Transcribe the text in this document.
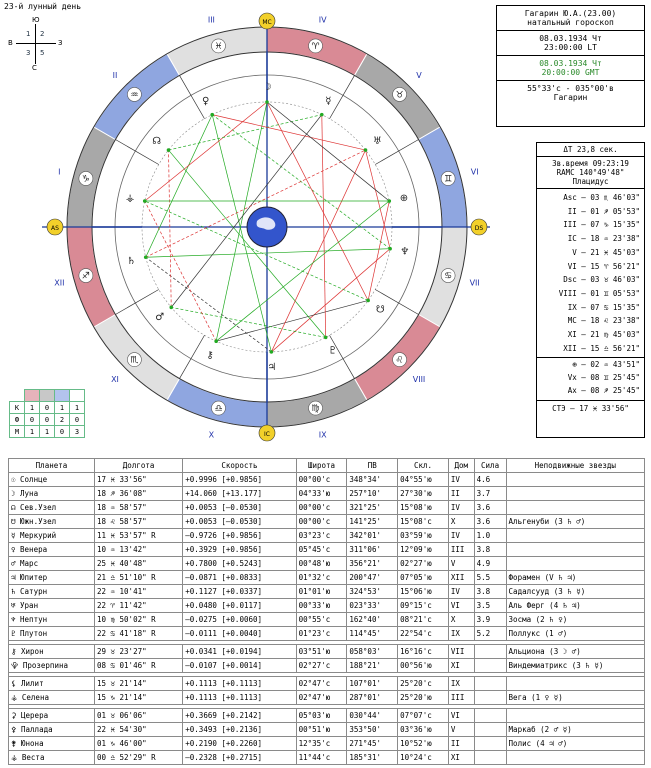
23-й лунный день
Ю
С
В	З
1 2
3 5
Гагарин Ю.А.(23.00)
натальный гороскоп
08.03.1934 Чт
23:00:00 LT
08.03.1934 Чт
20:00:00 GMT
55°33'с - 035°00'в
Гагарин
ΔT 23,8 сек.
Зв.время 09:23:19
RAMC 140°49'48"
Плацидус
Asc – 03 ♏ 46'03"
II – 01 ♐ 05'53"
III – 07 ♑ 15'35"
IC – 18 ♒ 23'38"
V – 21 ♓ 45'03"
VI – 15 ♈ 56'21"
Dsc – 03 ♉ 46'03"
VIII – 01 ♊ 05'53"
IX – 07 ♋ 15'35"
MC – 18 ♌ 23'38"
XI – 21 ♍ 45'03"
XII – 15 ♎ 56'21"
⊕ – 02 ♒ 43'51"
Vx – 08 ♊ 25'45"
Ax – 08 ♐ 25'45"
СТЭ – 17 ♓ 33'56"
♈
♉
♊
♋
♌
♍
♎
♏
♐
♑
♒
♓
I
II
III	IV
V
VI
VII
VIII
IX
X
XI
XII
AS	DS
MC
IC
♆
☋
♇
♃
⚷
♂
♄
⚶
☊
♀
☽
☿
♅
⊕

К	1	0	1	1
Ф	0	0	2	0
М	1	1	0	3
Планета	Долгота	Скорость	Широта	ПВ	Скл.	Дом	Сила	Неподвижные звезды
☉ Солнце	17 ♓ 33'56"	+0.9996 [+0.9856]	00°00'с	348°34'	04°55'ю	IV	4.6	
☽ Луна	18 ♐ 36'08"	+14.060 [+13.177]	04°33'ю	257°10'	27°30'ю	II	3.7	
☊ Сев.Узел	18 ♒ 58'57"	+0.0053 [–0.0530]	00°00'с	321°25'	15°08'ю	IV	3.6	
☋ Южн.Узел	18 ♌ 58'57"	+0.0053 [–0.0530]	00°00'с	141°25'	15°08'с	X	3.6	Альгенуби (3 ♄ ♂)
☿ Меркурий	11 ♓ 53'57" R	–0.9726 [+0.9856]	03°23'с	342°01'	03°59'ю	IV	1.0	
♀ Венера	10 ♒ 13'42"	+0.3929 [+0.9856]	05°45'с	311°06'	12°09'ю	III	3.8	
♂ Марс	25 ♓ 40'48"	+0.7800 [+0.5243]	00°48'ю	356°21'	02°27'ю	V	4.9	
♃ Юпитер	21 ♎ 51'10" R	–0.0871 [+0.0833]	01°32'с	200°47'	07°05'ю	XII	5.5	Форамен (V ♄ ♃)
♄ Сатурн	22 ♒ 10'41"	+0.1127 [+0.0337]	01°01'ю	324°53'	15°06'ю	IV	3.8	Садалсууд (3 ♄ ☿)
♅ Уран	22 ♈ 11'42"	+0.0480 [+0.0117]	00°33'ю	023°33'	09°15'с	VI	3.5	Аль Ферг (4 ♄ ♃)
♆ Нептун	10 ♍ 50'02" R	–0.0275 [+0.0060]	00°55'с	162°40'	08°21'с	X	3.9	Зосма (2 ♄ ♀)
♇ Плутон	22 ♋ 41'18" R	–0.0111 [+0.0040]	01°23'с	114°45'	22°54'с	IX	5.2	Поллукс (1 ♂)

⚷ Хирон	29 ♉ 23'27"	+0.0341 [+0.0194]	03°51'ю	058°03'	16°16'с	VII		Альциона (3 ☽ ♂)
⯓ Прозерпина	08 ♋ 01'46" R	–0.0107 [+0.0014]	02°27'с	188°21'	00°56'ю	XI		Виндемиатрикс (3 ♄ ☿)

⚸ Лилит	15 ♉ 21'14"	+0.1113 [+0.1113]	02°47'с	107°01'	25°20'с	IX		
⚶ Селена	15 ♑ 21'14"	+0.1113 [+0.1113]	02°47'ю	287°01'	25°20'ю	III		Вега (1 ♀ ☿)

⚳ Церера	01 ♉ 06'06"	+0.3669 [+0.2142]	05°03'ю	030°44'	07°07'с	VI		
⚴ Паллада	22 ♓ 54'30"	+0.3493 [+0.2136]	00°51'ю	353°50'	03°36'ю	V		Маркаб (2 ♂ ☿)
⚵ Юнона	01 ♑ 46'00"	+0.2190 [+0.2260]	12°35'с	271°45'	10°52'ю	II		Полис (4 ♃ ♂)
⚶ Веста	00 ♎ 52'29" R	–0.2328 [+0.2715]	11°44'с	185°31'	10°24'с	XI		
